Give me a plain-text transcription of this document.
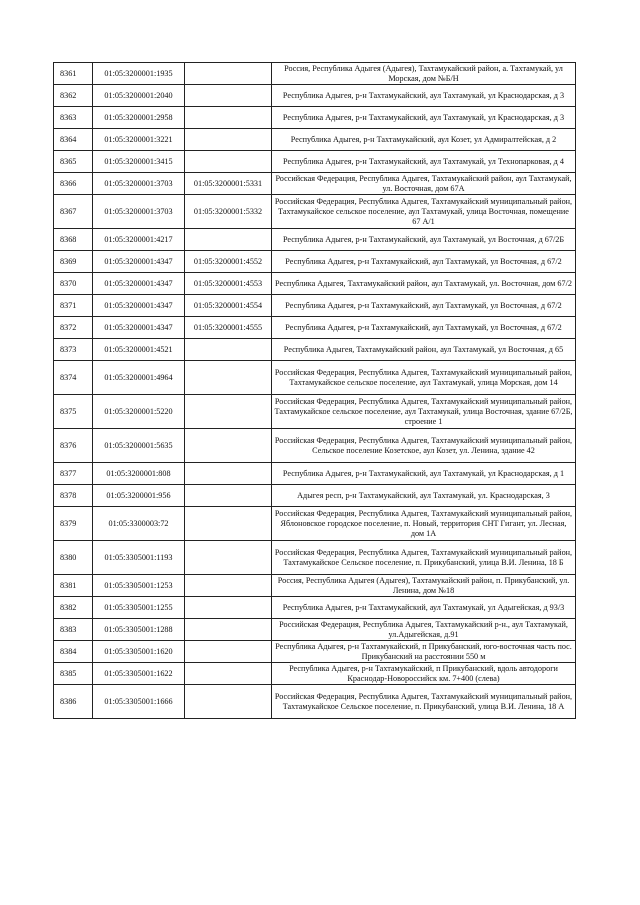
8361	01:05:3200001:1935		Россия, Республика Адыгея (Адыгея), Тахтамукайский район, а. Тахтамукай, ул Морская, дом №Б/Н
8362	01:05:3200001:2040		Республика Адыгея, р-н Тахтамукайский, аул Тахтамукай, ул Краснодарская, д 3
8363	01:05:3200001:2958		Республика Адыгея, р-н Тахтамукайский, аул Тахтамукай, ул Краснодарская, д 3
8364	01:05:3200001:3221		Республика Адыгея, р-н Тахтамукайский, аул Козет, ул Адмиралтейская, д 2
8365	01:05:3200001:3415		Республика Адыгея, р-н Тахтамукайский, аул Тахтамукай, ул Технопарковая, д 4
8366	01:05:3200001:3703	01:05:3200001:5331	Российская Федерация, Республика Адыгея, Тахтамукайский район, аул Тахтамукай, ул. Восточная, дом 67А
8367	01:05:3200001:3703	01:05:3200001:5332	Российская Федерация, Республика Адыгея, Тахтамукайский муниципальный район, Тахтамукайское сельское поселение, аул Тахтамукай, улица Восточная, помещение 67 А/1
8368	01:05:3200001:4217		Республика Адыгея, р-н Тахтамукайский, аул Тахтамукай, ул Восточная, д 67/2Б
8369	01:05:3200001:4347	01:05:3200001:4552	Республика Адыгея, р-н Тахтамукайский, аул Тахтамукай, ул Восточная, д 67/2
8370	01:05:3200001:4347	01:05:3200001:4553	Республика Адыгея, Тахтамукайский район, аул Тахтамукай, ул. Восточная, дом 67/2
8371	01:05:3200001:4347	01:05:3200001:4554	Республика Адыгея, р-н Тахтамукайский, аул Тахтамукай, ул Восточная, д 67/2
8372	01:05:3200001:4347	01:05:3200001:4555	Республика Адыгея, р-н Тахтамукайский, аул Тахтамукай, ул Восточная, д 67/2
8373	01:05:3200001:4521		Республика Адыгея, Тахтамукайский район, аул Тахтамукай, ул Восточная, д 65
8374	01:05:3200001:4964		Российская Федерация, Республика Адыгея, Тахтамукайский муниципальный район, Тахтамукайское сельское поселение, аул Тахтамукай, улица Морская, дом 14
8375	01:05:3200001:5220		Российская Федерация, Республика Адыгея, Тахтамукайский муниципальный район, Тахтамукайское сельское поселение, аул Тахтамукай, улица Восточная, здание 67/2Б, строение 1
8376	01:05:3200001:5635		Российская Федерация, Республика Адыгея, Тахтамукайский муниципальный район, Сельское поселение Козетское, аул Козет, ул. Ленина, здание 42
8377	01:05:3200001:808		Республика Адыгея, р-н Тахтамукайский, аул Тахтамукай, ул Краснодарская, д 1
8378	01:05:3200001:956		Адыгея респ, р-н Тахтамукайский, аул Тахтамукай, ул. Краснодарская, 3
8379	01:05:3300003:72		Российская Федерация, Республика Адыгея, Тахтамукайский муниципальный район, Яблоновское городское поселение, п. Новый, территория СНТ Гигант, ул. Лесная, дом 1А
8380	01:05:3305001:1193		Российская Федерация, Республика Адыгея, Тахтамукайский муниципальный район, Тахтамукайское Сельское поселение, п. Прикубанский, улица В.И. Ленина, 18 Б
8381	01:05:3305001:1253		Россия, Республика Адыгея (Адыгея), Тахтамукайский район, п. Прикубанский, ул. Ленина, дом №18
8382	01:05:3305001:1255		Республика Адыгея, р-н Тахтамукайский, аул Тахтамукай, ул Адыгейская, д 93/3
8383	01:05:3305001:1288		Российская Федерация, Республика Адыгея, Тахтамукайский р-н., аул Тахтамукай, ул.Адыгейская, д.91
8384	01:05:3305001:1620		Республика Адыгея, р-н Тахтамукайский, п Прикубанский, юго-восточная часть пос. Прикубанский на расстоянии 550 м
8385	01:05:3305001:1622		Республика Адыгея, р-н Тахтамукайский, п Прикубанский, вдоль автодороги Краснодар-Новороссийск км. 7+400 (слева)
8386	01:05:3305001:1666		Российская Федерация, Республика Адыгея, Тахтамукайский муниципальный район, Тахтамукайское Сельское поселение, п. Прикубанский, улица В.И. Ленина, 18 А
